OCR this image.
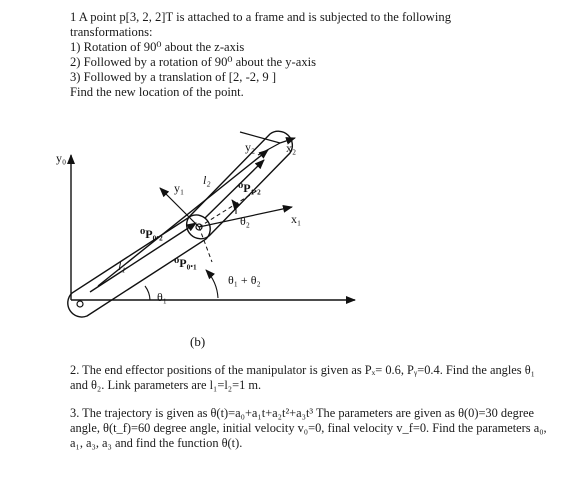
1 A point p[3, 2, 2]T is attached to a frame and is subjected to the following
transformations:
1) Rotation of 90⁰ about the z-axis
2) Followed by a rotation of 90⁰ about the y-axis
3) Followed by a translation of [2, -2, 9 ]
Find the new location of the point.
y₀
y₁
y₂
x₁
x₂
l₁
l₂
⁰P₀.₂
⁰P₀.₁
⁰P₁.₂
θ₁
θ₂
θ₁ + θ₂
(b)
2. The end effector positions of the manipulator is given as Pₓ= 0.6, Pᵧ=0.4. Find the angles θ₁
and θ₂. Link parameters are l₁=l₂=1 m.
3. The trajectory is given as θ(t)=a₀+a₁t+a₂t²+a₃t³ The parameters are given as θ(0)=30 degree
angle, θ(t_f)=60 degree angle, initial velocity v₀=0, final velocity v_f=0. Find the parameters a₀,
a₁, a₃, a₃ and find the function θ(t).
